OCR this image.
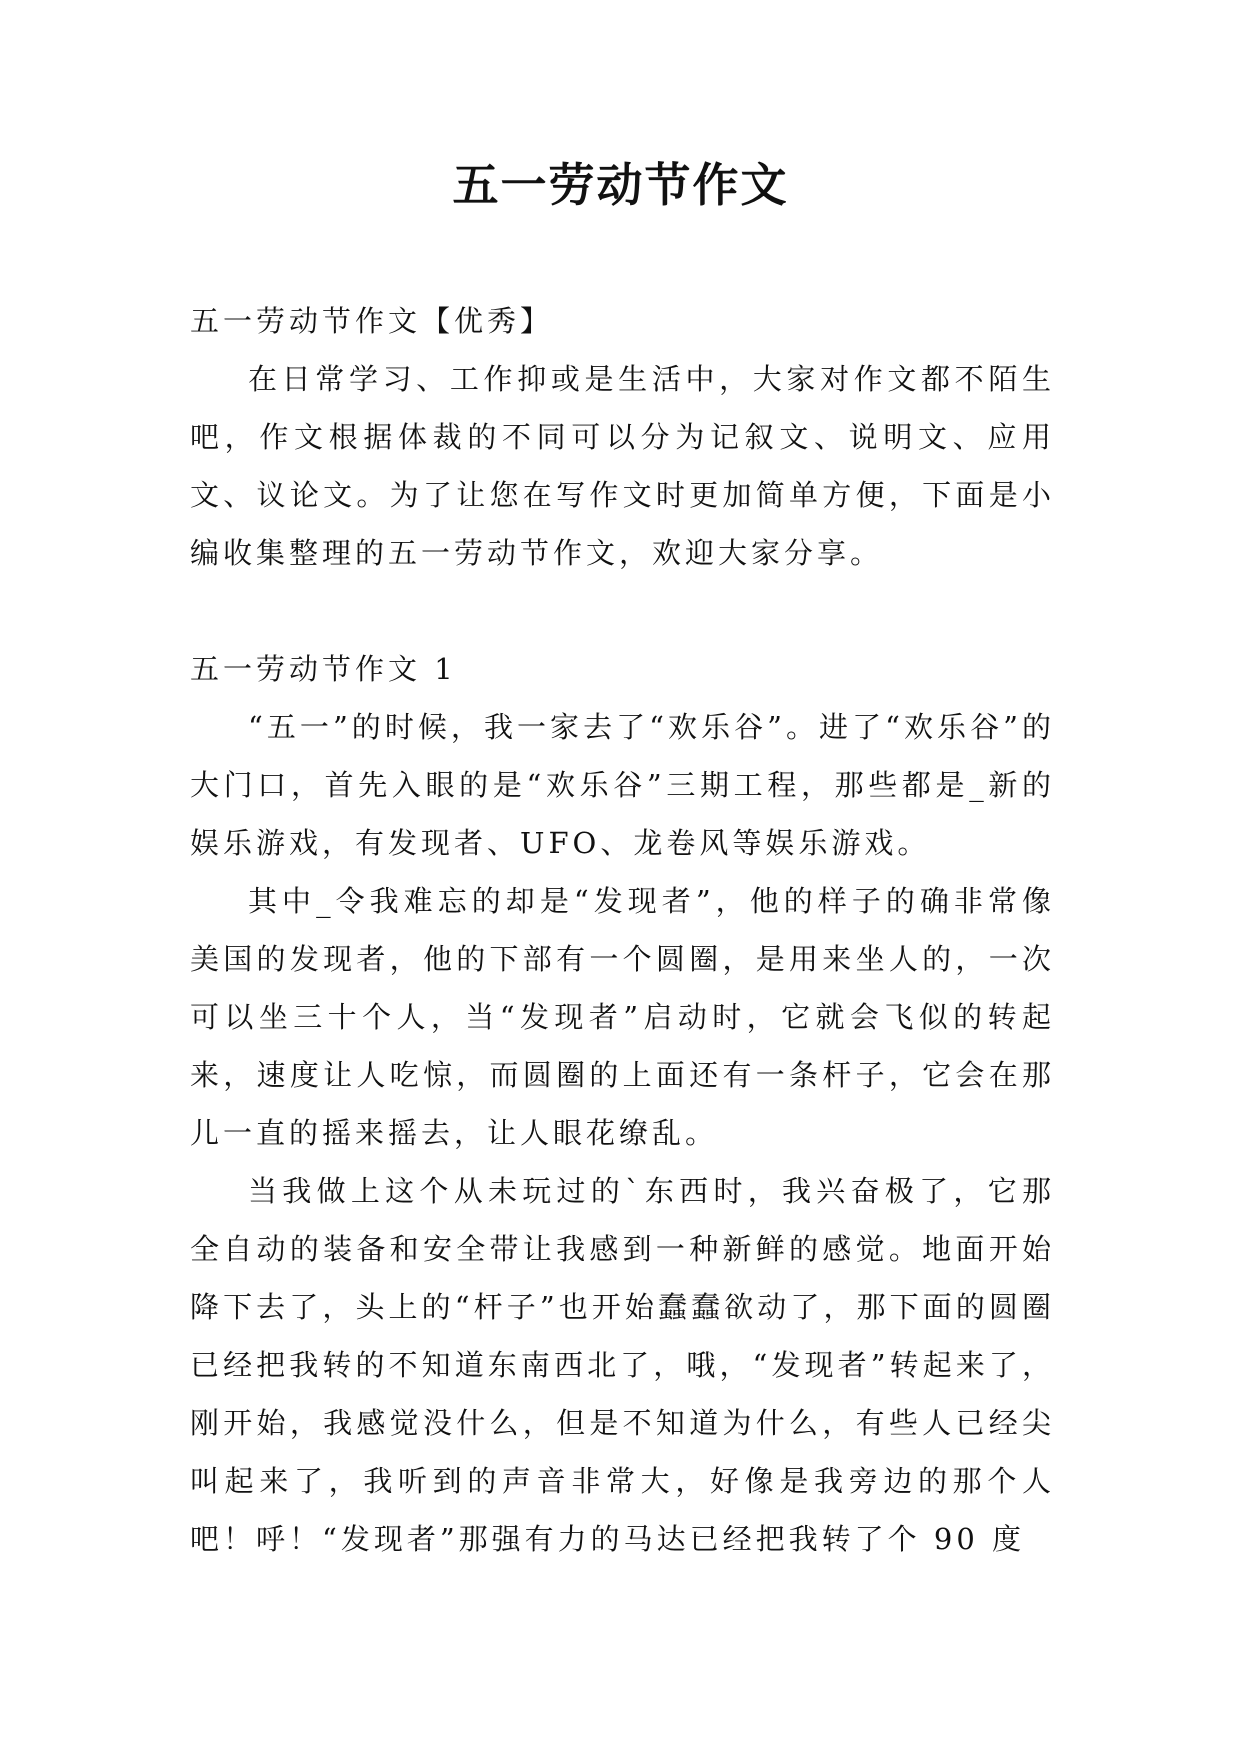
五一劳动节作文
五一劳动节作文【优秀】

在日常学习、工作抑或是生活中，大家对作文都不陌生吧，作文根据体裁的不同可以分为记叙文、说明文、应用文、议论文。为了让您在写作文时更加简单方便，下面是小编收集整理的五一劳动节作文，欢迎大家分享。

五一劳动节作文 1

“五一”的时候，我一家去了“欢乐谷”。进了“欢乐谷”的大门口，首先入眼的是“欢乐谷”三期工程，那些都是_新的娱乐游戏，有发现者、UFO、龙卷风等娱乐游戏。

其中_令我难忘的却是“发现者”，他的样子的确非常像美国的发现者，他的下部有一个圆圈，是用来坐人的，一次可以坐三十个人，当“发现者”启动时，它就会飞似的转起来，速度让人吃惊，而圆圈的上面还有一条杆子，它会在那儿一直的摇来摇去，让人眼花缭乱。

当我做上这个从未玩过的`东西时，我兴奋极了，它那全自动的装备和安全带让我感到一种新鲜的感觉。地面开始降下去了，头上的“杆子”也开始蠢蠢欲动了，那下面的圆圈已经把我转的不知道东南西北了，哦，“发现者”转起来了，刚开始，我感觉没什么，但是不知道为什么，有些人已经尖叫起来了，我听到的声音非常大，好像是我旁边的那个人吧！呼！“发现者”那强有力的马达已经把我转了个 90 度
